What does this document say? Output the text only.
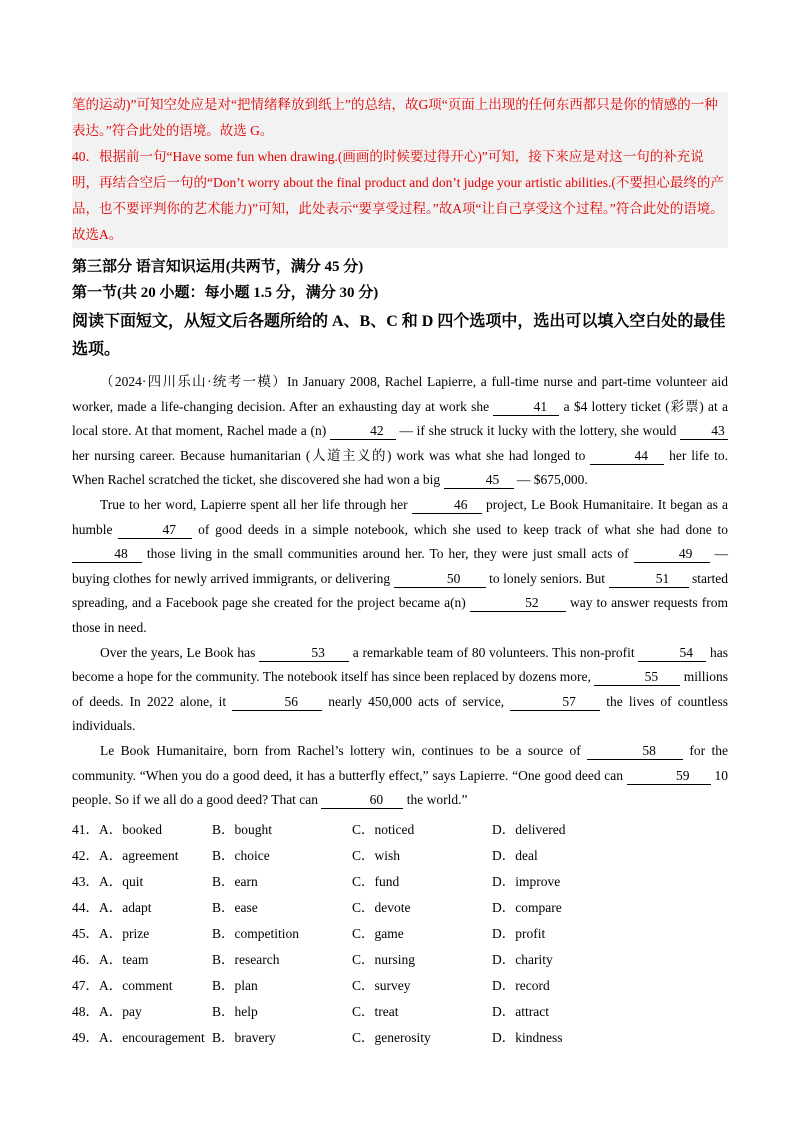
笔的运动)”可知空处应是对“把情绪释放到纸上”的总结，故G项“页面上出现的任何东西都只是你的情感的一种表达。”符合此处的语境。故选 G。

40．根据前一句“Have some fun when drawing.(画画的时候要过得开心)”可知，接下来应是对这一句的补充说明，再结合空后一句的“Don’t worry about the final product and don’t judge your artistic abilities.(不要担心最终的产品，也不要评判你的艺术能力)”可知，此处表示“要享受过程。”故A项“让自己享受这个过程。”符合此处的语境。故选A。

第三部分 语言知识运用(共两节，满分 45 分)

第一节(共 20 小题：每小题 1.5 分，满分 30 分)

阅读下面短文，从短文后各题所给的 A、B、C 和 D 四个选项中，选出可以填入空白处的最佳选项。

（2024·四川乐山·统考一模）In January 2008, Rachel Lapierre, a full-time nurse and part-time volunteer aid worker, made a life-changing decision. After an exhausting day at work she	41 a $4 lottery ticket (彩票) at a local store. At that moment, Rachel made a (n)	42 — if she struck it lucky with the lottery, she would 43 her nursing career. Because humanitarian (人道主义的) work was what she had longed to	44 her life to. When Rachel scratched the ticket, she discovered she had won a big	45 — $675,000.

True to her word, Lapierre spent all her life through her	46 project, Le Book Humanitaire. It began as a humble	47 of good deeds in a simple notebook, which she used to keep track of what she had done to 48 those living in the small communities around her. To her, they were just small acts of	49 — buying clothes for newly arrived immigrants, or delivering	50 to lonely seniors. But	51 started spreading, and a Facebook page she created for the project became a(n)	52 way to answer requests from those in need.

Over the years, Le Book has	53 a remarkable team of 80 volunteers. This non-profit	54 has become a hope for the community. The notebook itself has since been replaced by dozens more,	55 millions of deeds. In 2022 alone, it	56 nearly 450,000 acts of service,	57 the lives of countless individuals.

Le Book Humanitaire, born from Rachel’s lottery win, continues to be a source of	58 for the community. “When you do a good deed, it has a butterfly effect,” says Lapierre. “One good deed can	59 10 people. So if we all do a good deed? That can	60 the world.”

41．A．booked	B．bought	C．noticed	D．delivered
42．A．agreement B．choice	C．wish	D．deal
43．A．quit	B．earn	C．fund	D．improve
44．A．adapt	B．ease	C．devote	D．compare
45．A．prize	B．competition	C．game	D．profit
46．A．team	B．research	C．nursing	D．charity
47．A．comment	B．plan	C．survey	D．record
48．A．pay	B．help	C．treat	D．attract
49．A．encouragement B．bravery	C．generosity	D．kindness
